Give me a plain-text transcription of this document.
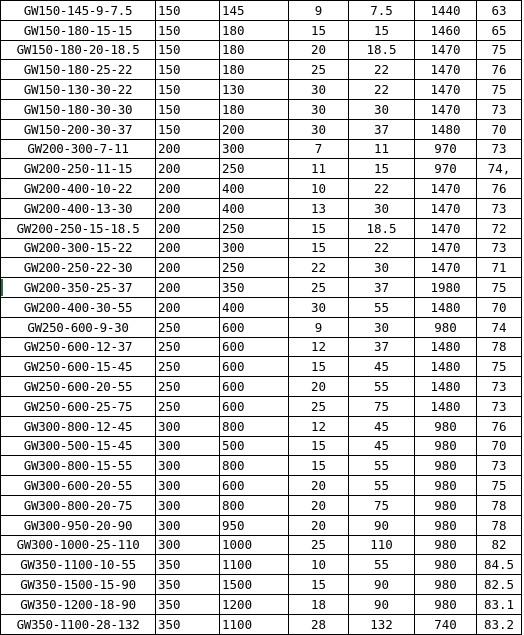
GW150-145-9-7.5	150	145	9	7.5	1440	63
GW150-180-15-15	150	180	15	15	1460	65
GW150-180-20-18.5	150	180	20	18.5	1470	75
GW150-180-25-22	150	180	25	22	1470	76
GW150-130-30-22	150	130	30	22	1470	75
GW150-180-30-30	150	180	30	30	1470	73
GW150-200-30-37	150	200	30	37	1480	70
GW200-300-7-11	200	300	7	11	970	73
GW200-250-11-15	200	250	11	15	970	74,
GW200-400-10-22	200	400	10	22	1470	76
GW200-400-13-30	200	400	13	30	1470	73
GW200-250-15-18.5	200	250	15	18.5	1470	72
GW200-300-15-22	200	300	15	22	1470	73
GW200-250-22-30	200	250	22	30	1470	71
GW200-350-25-37	200	350	25	37	1980	75
GW200-400-30-55	200	400	30	55	1480	70
GW250-600-9-30	250	600	9	30	980	74
GW250-600-12-37	250	600	12	37	1480	78
GW250-600-15-45	250	600	15	45	1480	75
GW250-600-20-55	250	600	20	55	1480	73
GW250-600-25-75	250	600	25	75	1480	73
GW300-800-12-45	300	800	12	45	980	76
GW300-500-15-45	300	500	15	45	980	70
GW300-800-15-55	300	800	15	55	980	73
GW300-600-20-55	300	600	20	55	980	75
GW300-800-20-75	300	800	20	75	980	78
GW300-950-20-90	300	950	20	90	980	78
GW300-1000-25-110	300	1000	25	110	980	82
GW350-1100-10-55	350	1100	10	55	980	84.5
GW350-1500-15-90	350	1500	15	90	980	82.5
GW350-1200-18-90	350	1200	18	90	980	83.1
GW350-1100-28-132	350	1100	28	132	740	83.2
